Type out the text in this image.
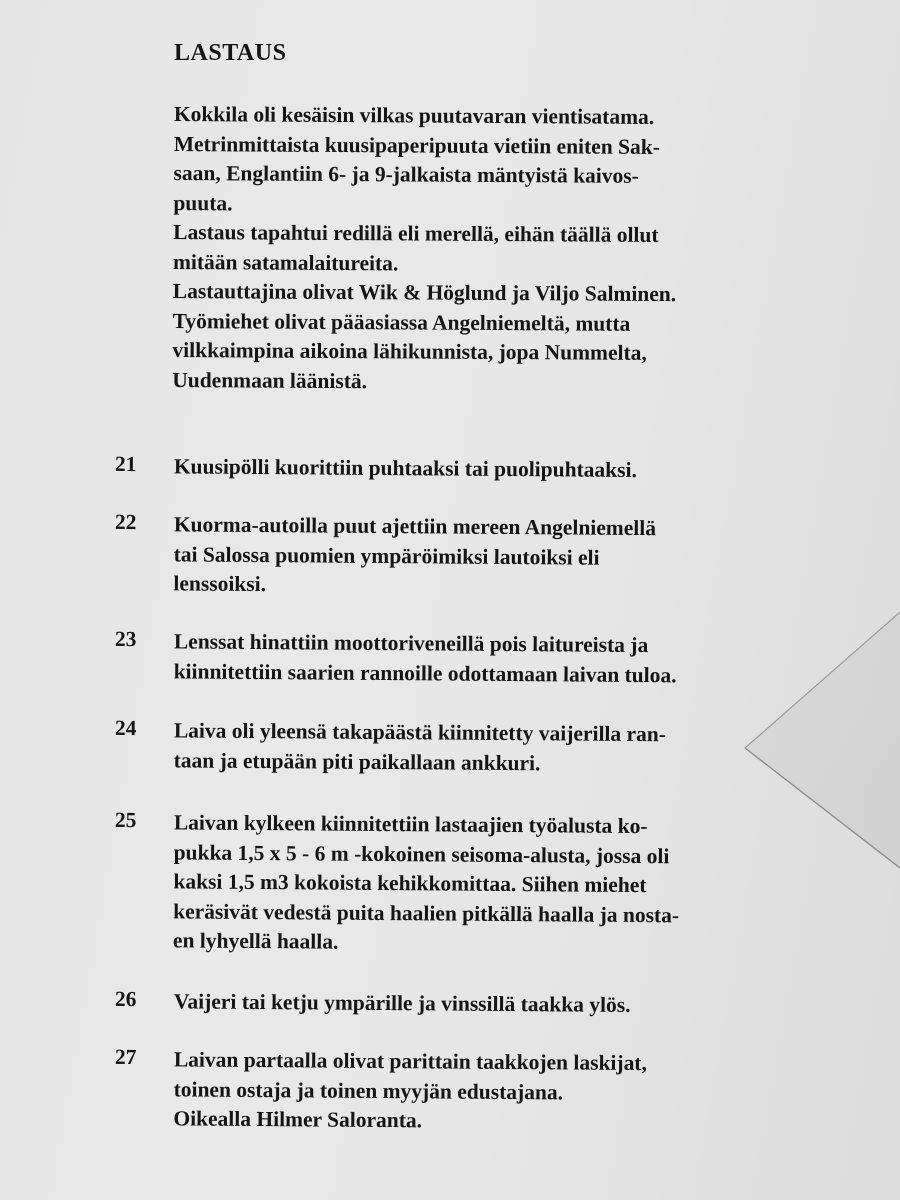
LASTAUS
Kokkila oli kesäisin vilkas puutavaran vientisatama.
Metrinmittaista kuusipaperipuuta vietiin eniten Sak-
saan, Englantiin 6- ja 9-jalkaista mäntyistä kaivos-
puuta.
Lastaus tapahtui redillä eli merellä, eihän täällä ollut
mitään satamalaitureita.
Lastauttajina olivat Wik & Höglund ja Viljo Salminen.
Työmiehet olivat pääasiassa Angelniemeltä, mutta
vilkkaimpina aikoina lähikunnista, jopa Nummelta,
Uudenmaan läänistä.
21 Kuusipölli kuorittiin puhtaaksi tai puolipuhtaaksi.
22 Kuorma-autoilla puut ajettiin mereen Angelniemellä
tai Salossa puomien ympäröimiksi lautoiksi eli
lenssoiksi.
23 Lenssat hinattiin moottoriveneillä pois laitureista ja
kiinnitettiin saarien rannoille odottamaan laivan tuloa.
24 Laiva oli yleensä takapäästä kiinnitetty vaijerilla ran-
taan ja etupään piti paikallaan ankkuri.
25 Laivan kylkeen kiinnitettiin lastaajien työalusta ko-
pukka 1,5 x 5 - 6 m -kokoinen seisoma-alusta, jossa oli
kaksi 1,5 m3 kokoista kehikkomittaa. Siihen miehet
keräsivät vedestä puita haalien pitkällä haalla ja nosta-
en lyhyellä haalla.
26 Vaijeri tai ketju ympärille ja vinssillä taakka ylös.
27 Laivan partaalla olivat parittain taakkojen laskijat,
toinen ostaja ja toinen myyjän edustajana.
Oikealla Hilmer Saloranta.
